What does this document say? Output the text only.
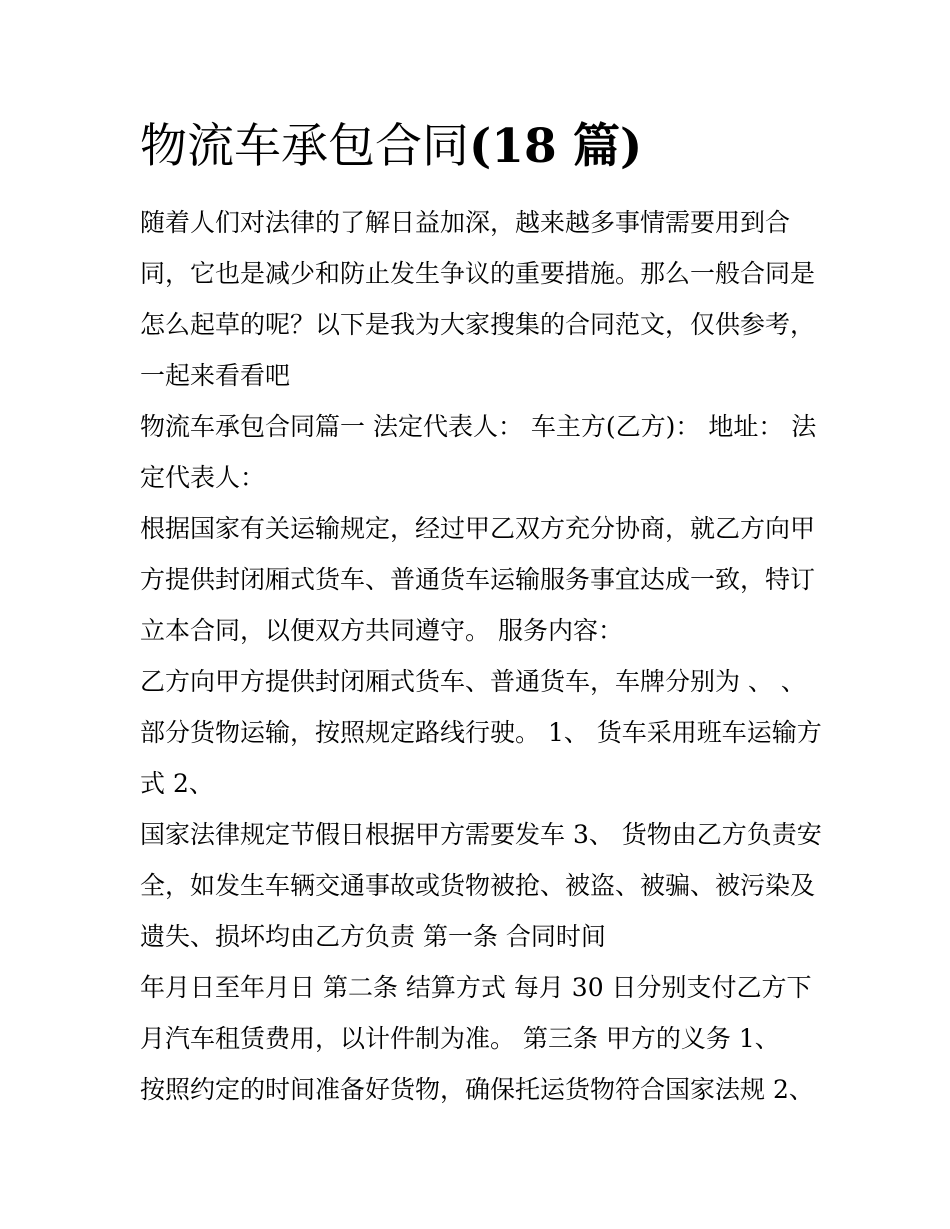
物流车承包合同(18 篇)
随着人们对法律的了解日益加深，越来越多事情需要用到合
同，它也是减少和防止发生争议的重要措施。那么一般合同是
怎么起草的呢？以下是我为大家搜集的合同范文，仅供参考，
一起来看看吧
物流车承包合同篇一 法定代表人： 车主方(乙方)： 地址： 法
定代表人：
根据国家有关运输规定，经过甲乙双方充分协商，就乙方向甲
方提供封闭厢式货车、普通货车运输服务事宜达成一致，特订
立本合同，以便双方共同遵守。 服务内容：
乙方向甲方提供封闭厢式货车、普通货车，车牌分别为 、 、
部分货物运输，按照规定路线行驶。 1、 货车采用班车运输方
式 2、
国家法律规定节假日根据甲方需要发车 3、 货物由乙方负责安
全，如发生车辆交通事故或货物被抢、被盗、被骗、被污染及
遗失、损坏均由乙方负责 第一条 合同时间
年月日至年月日 第二条 结算方式 每月 30 日分别支付乙方下
月汽车租赁费用，以计件制为准。 第三条 甲方的义务 1、
按照约定的时间准备好货物，确保托运货物符合国家法规 2、
